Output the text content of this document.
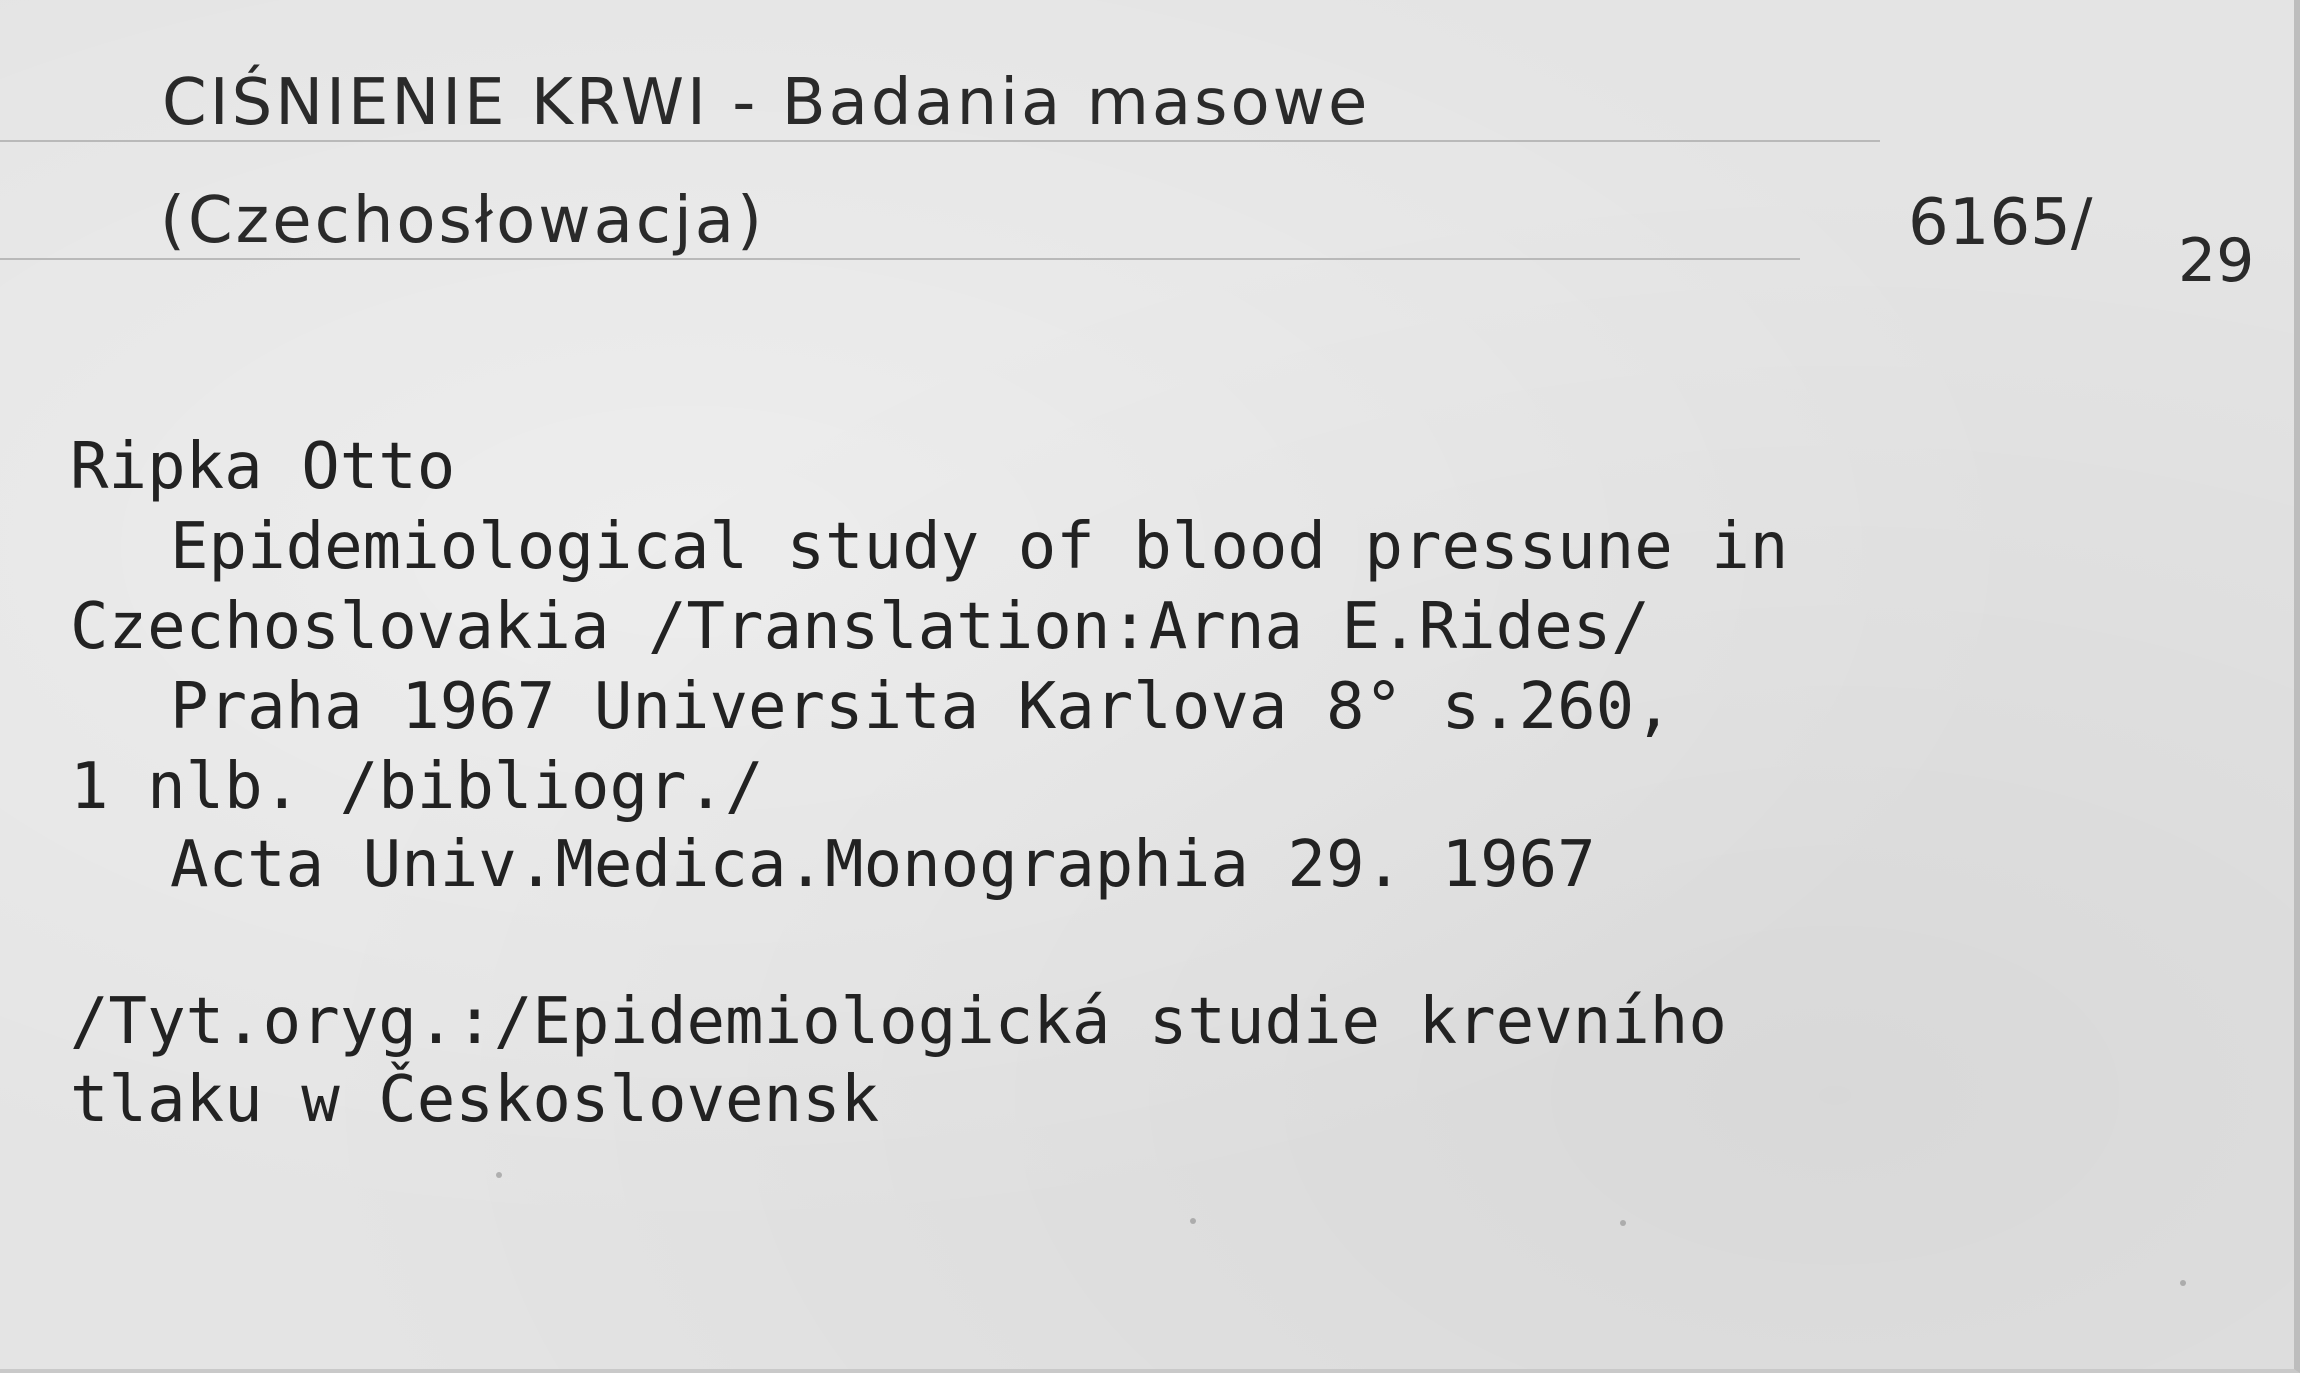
CIŚNIENIE KRWI - Badania masowe
(Czechosłowacja)	6165/
29
Ripka Otto
Epidemiological study of blood pressune in
Czechoslovakia /Translation:Arna E.Rides/
Praha 1967 Universita Karlova 8° s.260,
1 nlb. /bibliogr./
Acta Univ.Medica.Monographia 29. 1967
/Tyt.oryg.:/Epidemiologická studie krevního
tlaku w Československ
